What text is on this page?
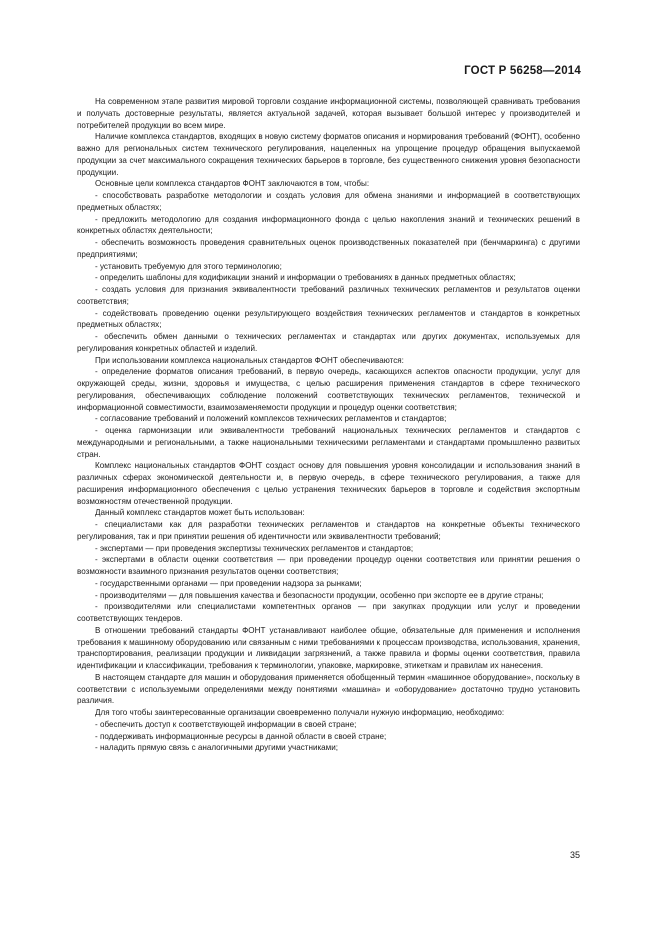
ГОСТ Р 56258—2014

На современном этапе развития мировой торговли создание информационной системы, позволяющей сравнивать требования и получать достоверные результаты, является актуальной задачей, которая вызывает большой интерес у производителей и потребителей продукции во всем мире.

Наличие комплекса стандартов, входящих в новую систему форматов описания и нормирования требований (ФОНТ), особенно важно для региональных систем технического регулирования, нацеленных на упрощение процедур обращения выпускаемой продукции за счет максимального сокращения технических барьеров в торговле, без существенного снижения уровня безопасности продукции.

Основные цели комплекса стандартов ФОНТ заключаются в том, чтобы:

- способствовать разработке методологии и создать условия для обмена знаниями и информацией в соответствующих предметных областях;

- предложить методологию для создания информационного фонда с целью накопления знаний и технических решений в конкретных областях деятельности;

- обеспечить возможность проведения сравнительных оценок производственных показателей при (бенчмаркинга) с другими предприятиями;

- установить требуемую для этого терминологию;

- определить шаблоны для кодификации знаний и информации о требованиях в данных предметных областях;

- создать условия для признания эквивалентности требований различных технических регламентов и результатов оценки соответствия;

- содействовать проведению оценки результирующего воздействия технических регламентов и стандартов в конкретных предметных областях;

- обеспечить обмен данными о технических регламентах и стандартах или других документах, используемых для регулирования конкретных областей и изделий.

При использовании комплекса национальных стандартов ФОНТ обеспечиваются:

- определение форматов описания требований, в первую очередь, касающихся аспектов опасности продукции, услуг для окружающей среды, жизни, здоровья и имущества, с целью расширения применения стандартов в сфере технического регулирования, обеспечивающих соблюдение положений соответствующих технических регламентов, технической и информационной совместимости, взаимозаменяемости продукции и процедур оценки соответствия;

- согласование требований и положений комплексов технических регламентов и стандартов;

- оценка гармонизации или эквивалентности требований национальных технических регламентов и стандартов с международными и региональными, а также национальными техническими регламентами и стандартами промышленно развитых стран.

Комплекс национальных стандартов ФОНТ создаст основу для повышения уровня консолидации и использования знаний в различных сферах экономической деятельности и, в первую очередь, в сфере технического регулирования, а также для расширения информационного обеспечения с целью устранения технических барьеров в торговле и содействия экспортным возможностям отечественной продукции.

Данный комплекс стандартов может быть использован:

- специалистами как для разработки технических регламентов и стандартов на конкретные объекты технического регулирования, так и при принятии решения об идентичности или эквивалентности требований;

- экспертами — при проведения экспертизы технических регламентов и стандартов;

- экспертами в области оценки соответствия — при проведении процедур оценки соответствия или принятии решения о возможности взаимного признания результатов оценки соответствия;

- государственными органами — при проведении надзора за рынками;

- производителями — для повышения качества и безопасности продукции, особенно при экспорте ее в другие страны;

- производителями или специалистами компетентных органов — при закупках продукции или услуг и проведении соответствующих тендеров.

В отношении требований стандарты ФОНТ устанавливают наиболее общие, обязательные для применения и исполнения требования к машинному оборудованию или связанным с ними требованиями к процессам производства, использования, хранения, транспортирования, реализации продукции и ликвидации загрязнений, а также правила и формы оценки соответствия, правила идентификации и классификации, требования к терминологии, упаковке, маркировке, этикеткам и правилам их нанесения.

В настоящем стандарте для машин и оборудования применяется обобщенный термин «машинное оборудование», поскольку в соответствии с используемыми определениями между понятиями «машина» и «оборудование» достаточно трудно установить различия.

Для того чтобы заинтересованные организации своевременно получали нужную информацию, необходимо:

- обеспечить доступ к соответствующей информации в своей стране;

- поддерживать информационные ресурсы в данной области в своей стране;

- наладить прямую связь с аналогичными другими участниками;

35
